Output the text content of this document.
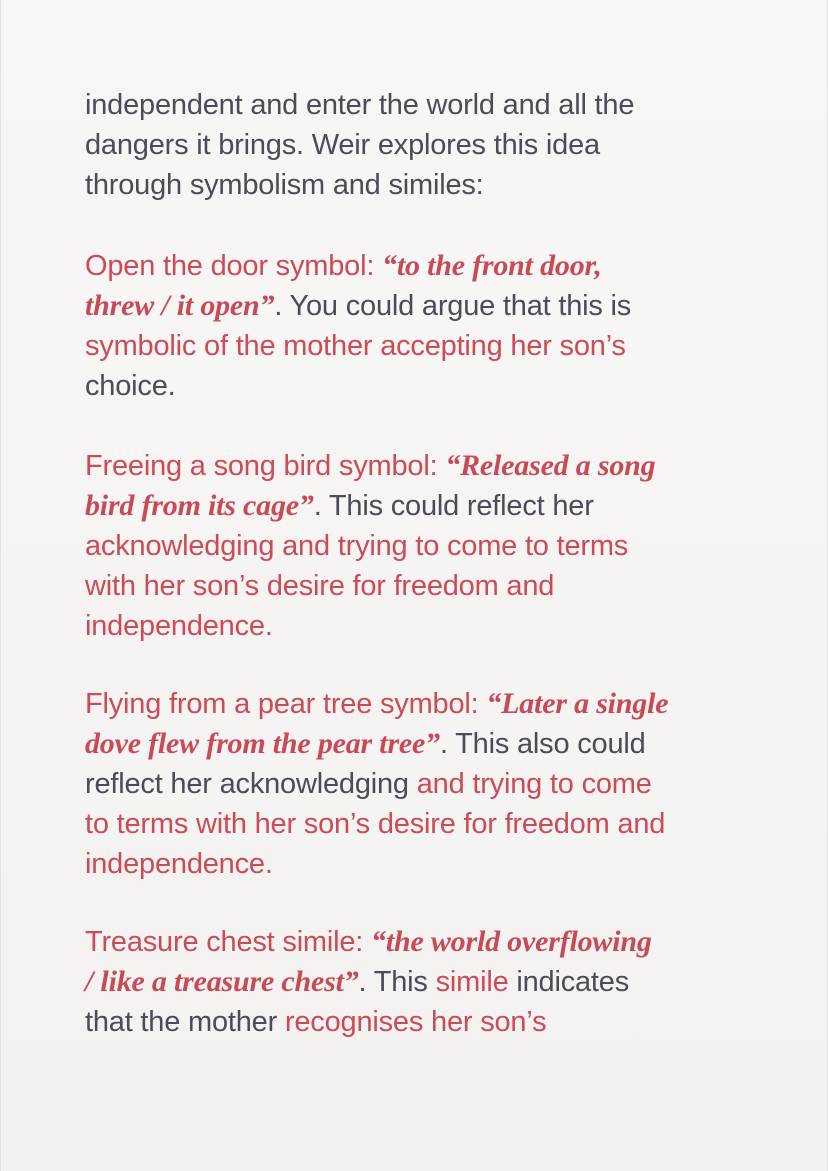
independent and enter the world and all the
dangers it brings. Weir explores this idea
through symbolism and similes:
Open the door symbol: “to the front door,
threw / it open”. You could argue that this is
symbolic of the mother accepting her son’s
choice.
Freeing a song bird symbol: “Released a song
bird from its cage”. This could reflect her
acknowledging and trying to come to terms
with her son’s desire for freedom and
independence.
Flying from a pear tree symbol: “Later a single
dove flew from the pear tree”. This also could
reflect her acknowledging and trying to come
to terms with her son’s desire for freedom and
independence.
Treasure chest simile: “the world overflowing
/ like a treasure chest”. This simile indicates
that the mother recognises her son’s
